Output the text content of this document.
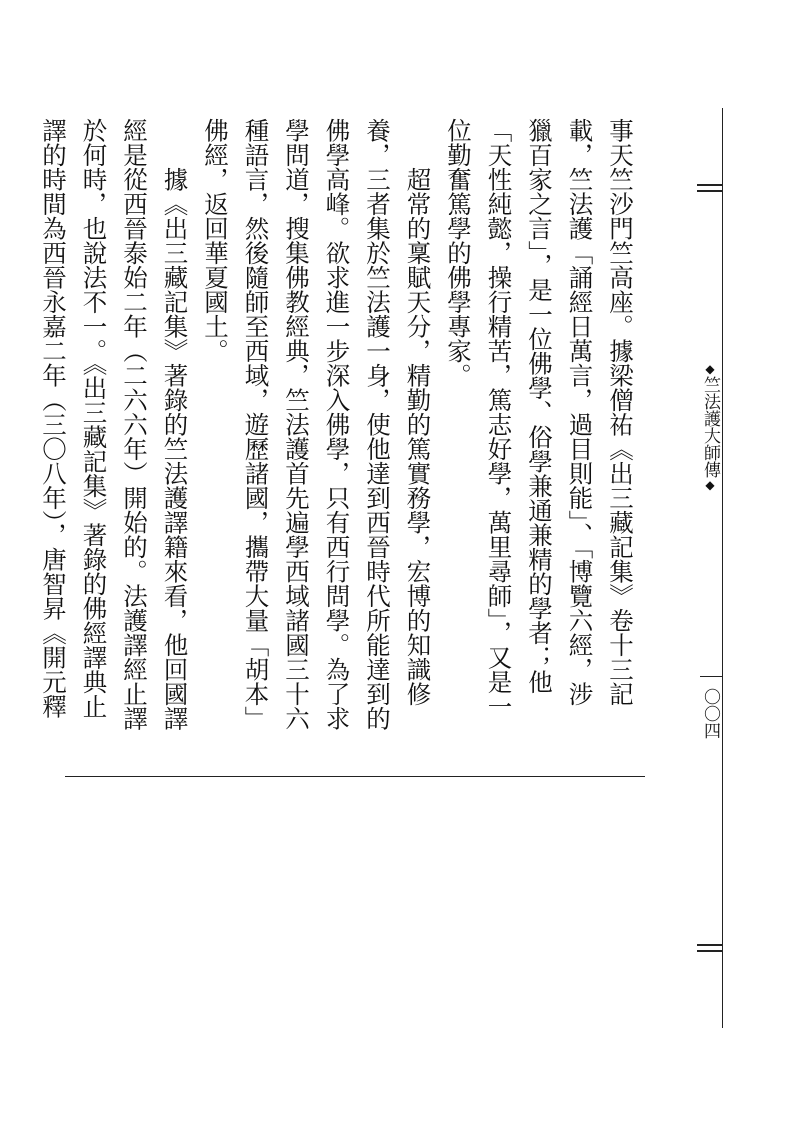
◆竺法護大師傳◆
〇〇四
事天竺沙門竺高座。據梁僧祐《出三藏記集》卷十三記
載，竺法護「誦經日萬言，過目則能」、「博覽六經，涉
獵百家之言」，是一位佛學、俗學兼通兼精的學者；他
「天性純懿，操行精苦，篤志好學，萬里尋師」，又是一
位勤奮篤學的佛學專家。
超常的稟賦天分，精勤的篤實務學，宏博的知識修
養，三者集於竺法護一身，使他達到西晉時代所能達到的
佛學高峰。欲求進一步深入佛學，只有西行問學。為了求
學問道，搜集佛教經典，竺法護首先遍學西域諸國三十六
種語言，然後隨師至西域，遊歷諸國，攜帶大量「胡本」
佛經，返回華夏國土。
據《出三藏記集》著錄的竺法護譯籍來看，他回國譯
經是從西晉泰始二年（二六六年）開始的。法護譯經止譯
於何時，也說法不一。《出三藏記集》著錄的佛經譯典止
譯的時間為西晉永嘉二年（三〇八年），唐智昇《開元釋
